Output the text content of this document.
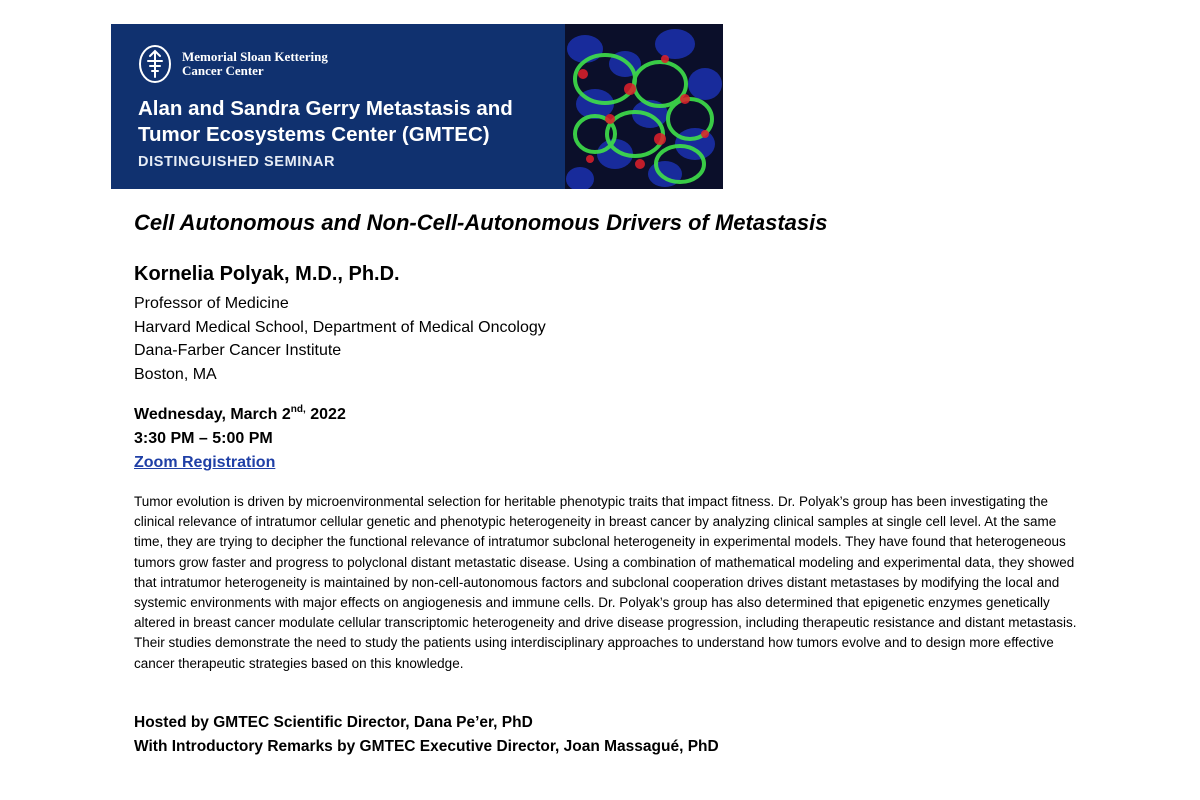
Memorial Sloan Kettering
Cancer Center
Alan and Sandra Gerry Metastasis and
Tumor Ecosystems Center (GMTEC)
DISTINGUISHED SEMINAR
Cell Autonomous and Non-Cell-Autonomous Drivers of Metastasis
Kornelia Polyak, M.D., Ph.D.
Professor of Medicine
Harvard Medical School, Department of Medical Oncology
Dana-Farber Cancer Institute
Boston, MA
Wednesday, March $2^{nd,}$ 2022
3:30 PM – 5:00 PM
Zoom Registration
Tumor evolution is driven by microenvironmental selection for heritable phenotypic traits that impact fitness. Dr. Polyak’s group has been investigating the clinical relevance of intratumor cellular genetic and phenotypic heterogeneity in breast cancer by analyzing clinical samples at single cell level. At the same time, they are trying to decipher the functional relevance of intratumor subclonal heterogeneity in experimental models. They have found that heterogeneous tumors grow faster and progress to polyclonal distant metastatic disease. Using a combination of mathematical modeling and experimental data, they showed that intratumor heterogeneity is maintained by non-cell-autonomous factors and subclonal cooperation drives distant metastases by modifying the local and systemic environments with major effects on angiogenesis and immune cells. Dr. Polyak’s group has also determined that epigenetic enzymes genetically altered in breast cancer modulate cellular transcriptomic heterogeneity and drive disease progression, including therapeutic resistance and distant metastasis. Their studies demonstrate the need to study the patients using interdisciplinary approaches to understand how tumors evolve and to design more effective cancer therapeutic strategies based on this knowledge.
Hosted by GMTEC Scientific Director, Dana Pe’er, PhD
With Introductory Remarks by GMTEC Executive Director, Joan Massagué, PhD
